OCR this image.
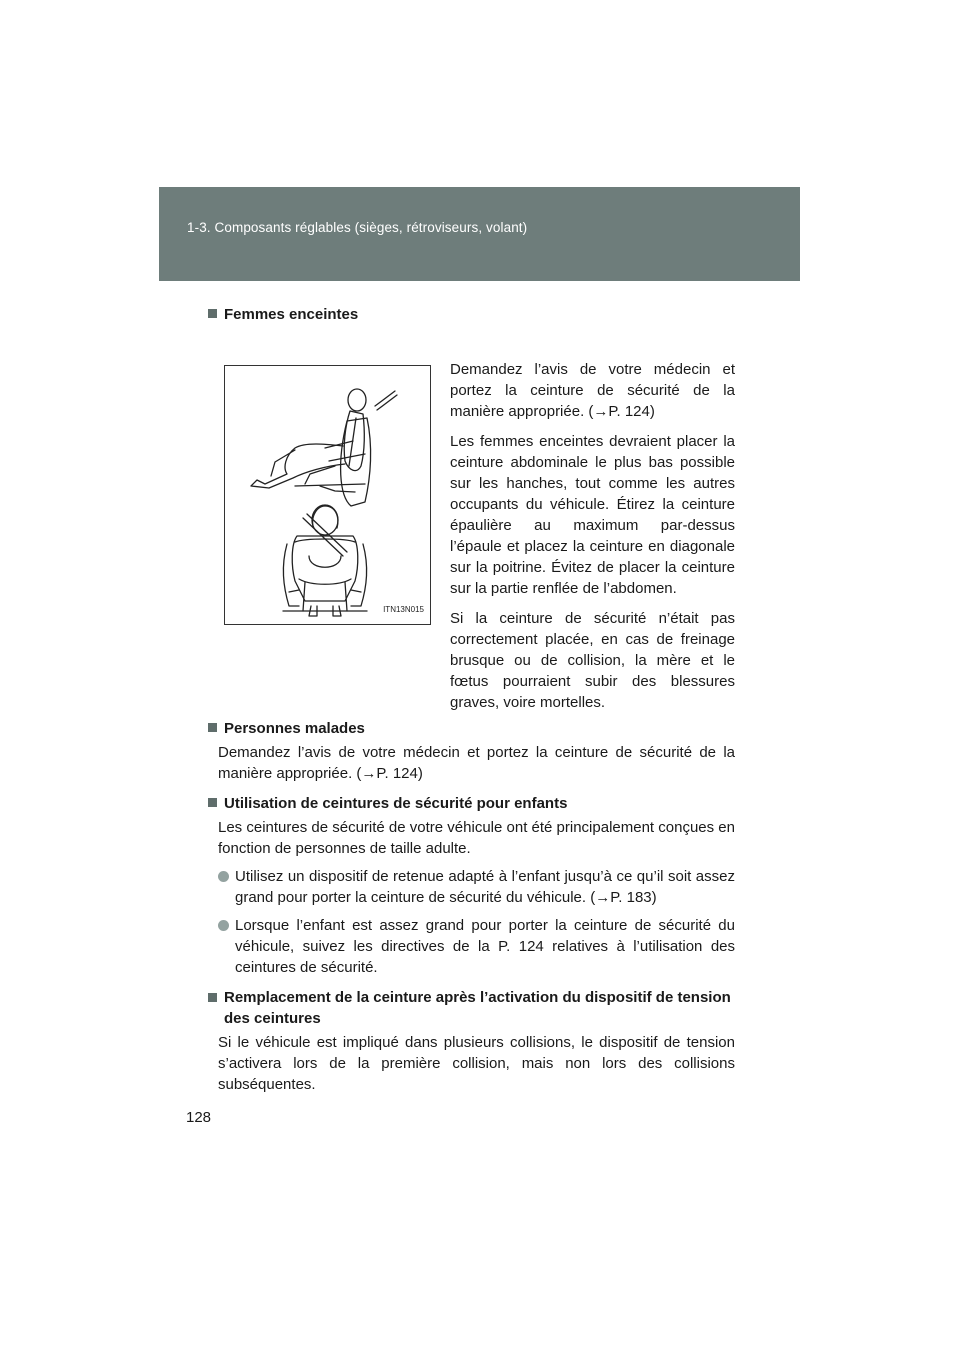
1-3. Composants réglables (sièges, rétroviseurs, volant)
Femmes enceintes
ITN13N015

Demandez l’avis de votre médecin et portez la ceinture de sécurité de la manière appropriée. (→P. 124)

Les femmes enceintes devraient placer la ceinture abdominale le plus bas possible sur les hanches, tout comme les autres occupants du véhicule. Étirez la ceinture épaulière au maximum par-dessus l’épaule et placez la ceinture en diagonale sur la poitrine. Évitez de placer la ceinture sur la partie renflée de l’abdomen.

Si la ceinture de sécurité n’était pas correctement placée, en cas de freinage brusque ou de collision, la mère et le fœtus pourraient subir des blessures graves, voire mortelles.

Personnes malades

Demandez l’avis de votre médecin et portez la ceinture de sécurité de la manière appropriée. (→P. 124)

Utilisation de ceintures de sécurité pour enfants

Les ceintures de sécurité de votre véhicule ont été principalement conçues en fonction de personnes de taille adulte.

Utilisez un dispositif de retenue adapté à l’enfant jusqu’à ce qu’il soit assez grand pour porter la ceinture de sécurité du véhicule. (→P. 183)

Lorsque l’enfant est assez grand pour porter la ceinture de sécurité du véhicule, suivez les directives de la P. 124 relatives à l’utilisation des ceintures de sécurité.

Remplacement de la ceinture après l’activation du dispositif de tension des ceintures

Si le véhicule est impliqué dans plusieurs collisions, le dispositif de tension s’activera lors de la première collision, mais non lors des collisions subséquentes.

128
